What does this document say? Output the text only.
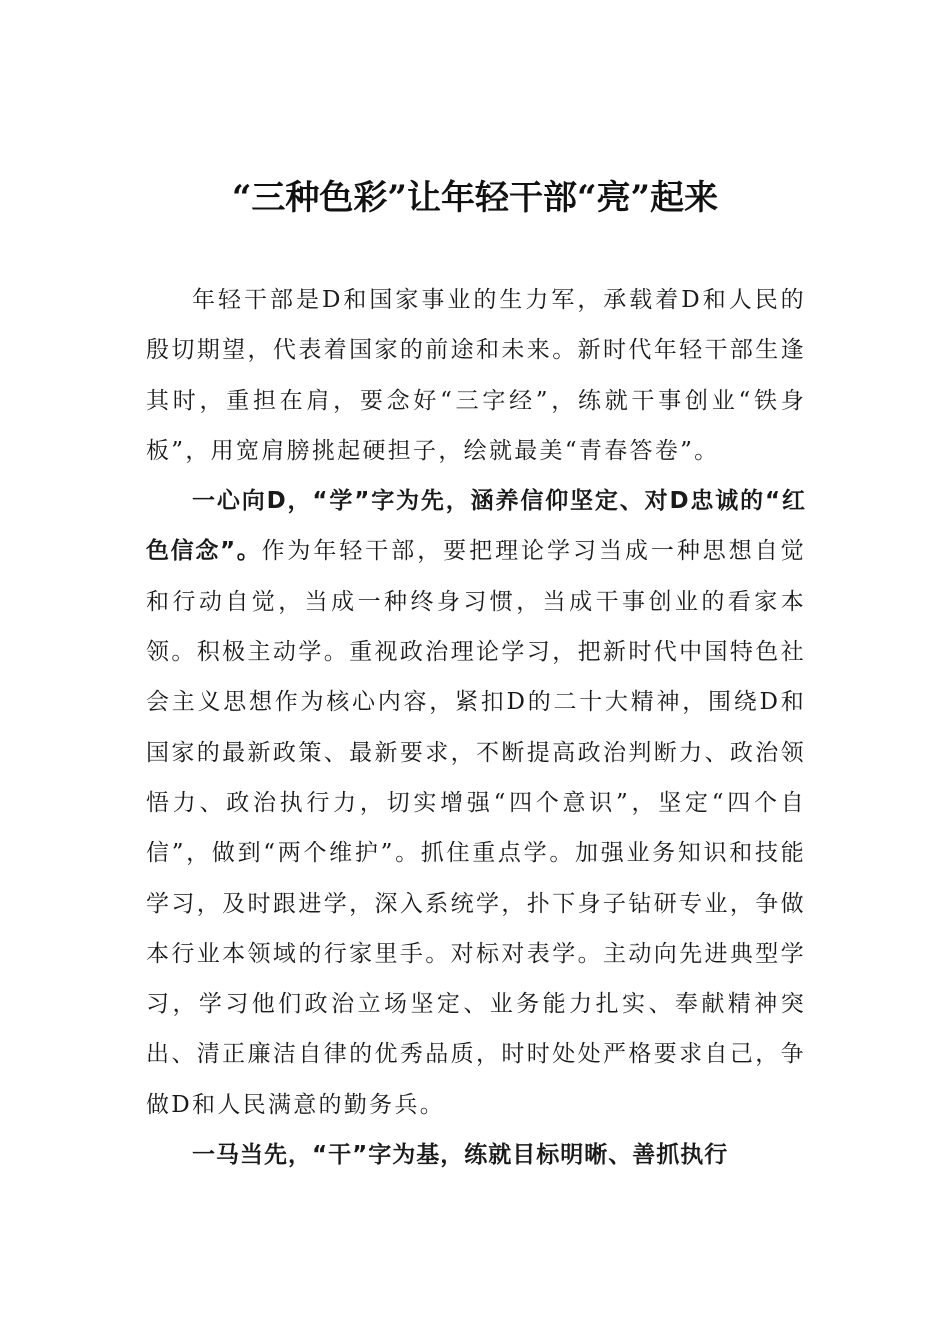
“三种色彩”让年轻干部“亮”起来

年轻干部是D和国家事业的生力军，承载着D和人民的殷切期望，代表着国家的前途和未来。新时代年轻干部生逢其时，重担在肩，要念好“三字经”，练就干事创业“铁身板”，用宽肩膀挑起硬担子，绘就最美“青春答卷”。

一心向D，“学”字为先，涵养信仰坚定、对D忠诚的“红色信念”。作为年轻干部，要把理论学习当成一种思想自觉和行动自觉，当成一种终身习惯，当成干事创业的看家本领。积极主动学。重视政治理论学习，把新时代中国特色社会主义思想作为核心内容，紧扣D的二十大精神，围绕D和国家的最新政策、最新要求，不断提高政治判断力、政治领悟力、政治执行力，切实增强“四个意识”，坚定“四个自信”，做到“两个维护”。抓住重点学。加强业务知识和技能学习，及时跟进学，深入系统学，扑下身子钻研专业，争做本行业本领域的行家里手。对标对表学。主动向先进典型学习，学习他们政治立场坚定、业务能力扎实、奉献精神突出、清正廉洁自律的优秀品质，时时处处严格要求自己，争做D和人民满意的勤务兵。

一马当先，“干”字为基，练就目标明晰、善抓执行
